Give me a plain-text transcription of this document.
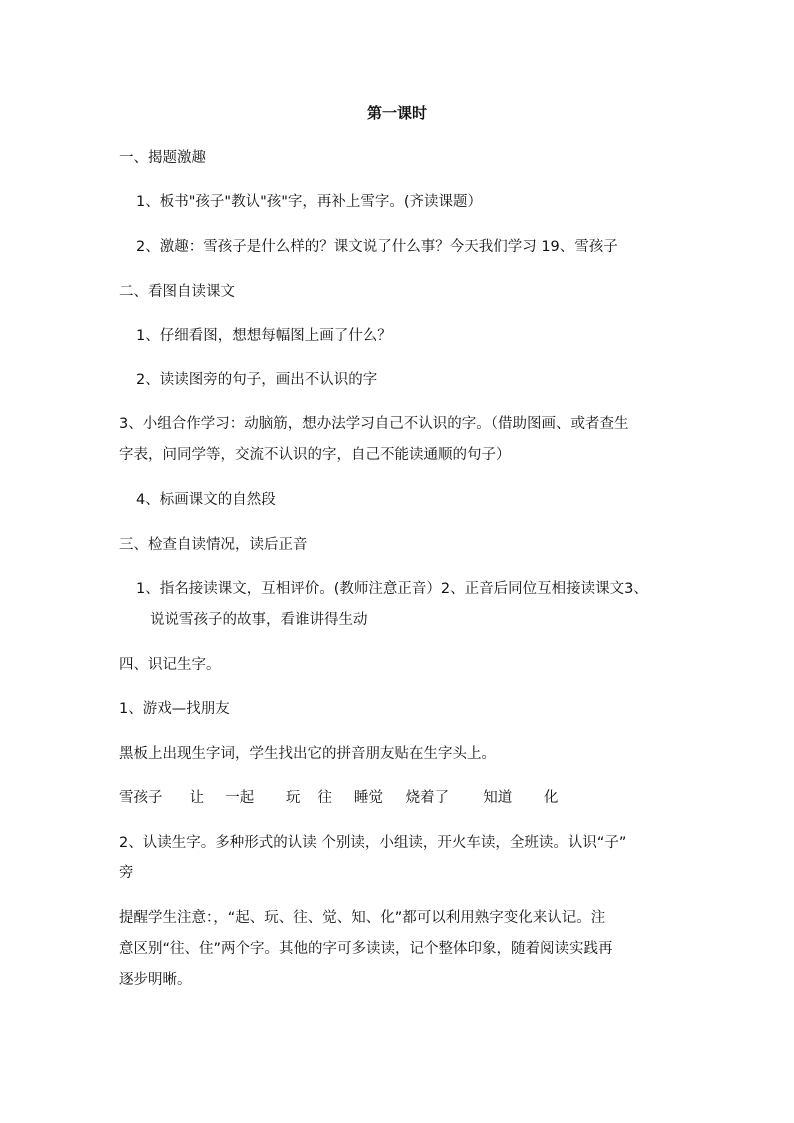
第一课时
一、揭题激趣
1、板书"孩子"教认"孩"字，再补上雪字。(齐读课题）
2、激趣：雪孩子是什么样的？课文说了什么事？今天我们学习 19、雪孩子
二、看图自读课文
1、仔细看图，想想每幅图上画了什么？
2、读读图旁的句子，画出不认识的字
3、小组合作学习：动脑筋，想办法学习自己不认识的字。（借助图画、或者查生
字表，问同学等，交流不认识的字，自己不能读通顺的句子）
4、标画课文的自然段
三、检查自读情况，读后正音
1、指名接读课文，互相评价。(教师注意正音）2、正音后同位互相接读课文3、
说说雪孩子的故事，看谁讲得生动
四、识记生字。
1、游戏—找朋友
黑板上出现生字词，学生找出它的拼音朋友贴在生字头上。
雪孩子 让 一起 玩 往 睡觉 烧着了 知道 化
2、认读生字。多种形式的认读 个别读，小组读，开火车读，全班读。认识“子”
旁
提醒学生注意：，“起、玩、往、觉、知、化”都可以利用熟字变化来认记。注
意区别“往、住”两个字。其他的字可多读读，记个整体印象，随着阅读实践再
逐步明晰。
